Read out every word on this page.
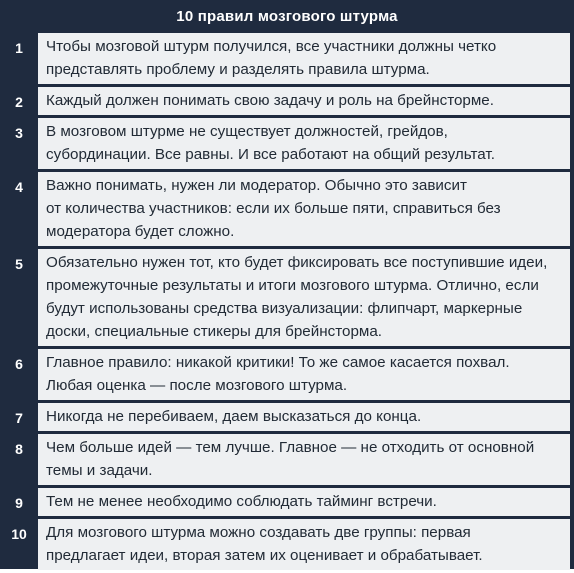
10 правил мозгового штурма
1	Чтобы мозговой штурм получился, все участники должны четко
представлять проблему и разделять правила штурма.
2	Каждый должен понимать свою задачу и роль на брейнсторме.
3	В мозговом штурме не существует должностей, грейдов,
субординации. Все равны. И все работают на общий результат.
4	Важно понимать, нужен ли модератор. Обычно это зависит
от количества участников: если их больше пяти, справиться без
модератора будет сложно.
5	Обязательно нужен тот, кто будет фиксировать все поступившие идеи,
промежуточные результаты и итоги мозгового штурма. Отлично, если
будут использованы средства визуализации: флипчарт, маркерные
доски, специальные стикеры для брейнсторма.
6	Главное правило: никакой критики! То же самое касается похвал.
Любая оценка — после мозгового штурма.
7	Никогда не перебиваем, даем высказаться до конца.
8	Чем больше идей — тем лучше. Главное — не отходить от основной
темы и задачи.
9	Тем не менее необходимо соблюдать тайминг встречи.
10	Для мозгового штурма можно создавать две группы: первая
предлагает идеи, вторая затем их оценивает и обрабатывает.
